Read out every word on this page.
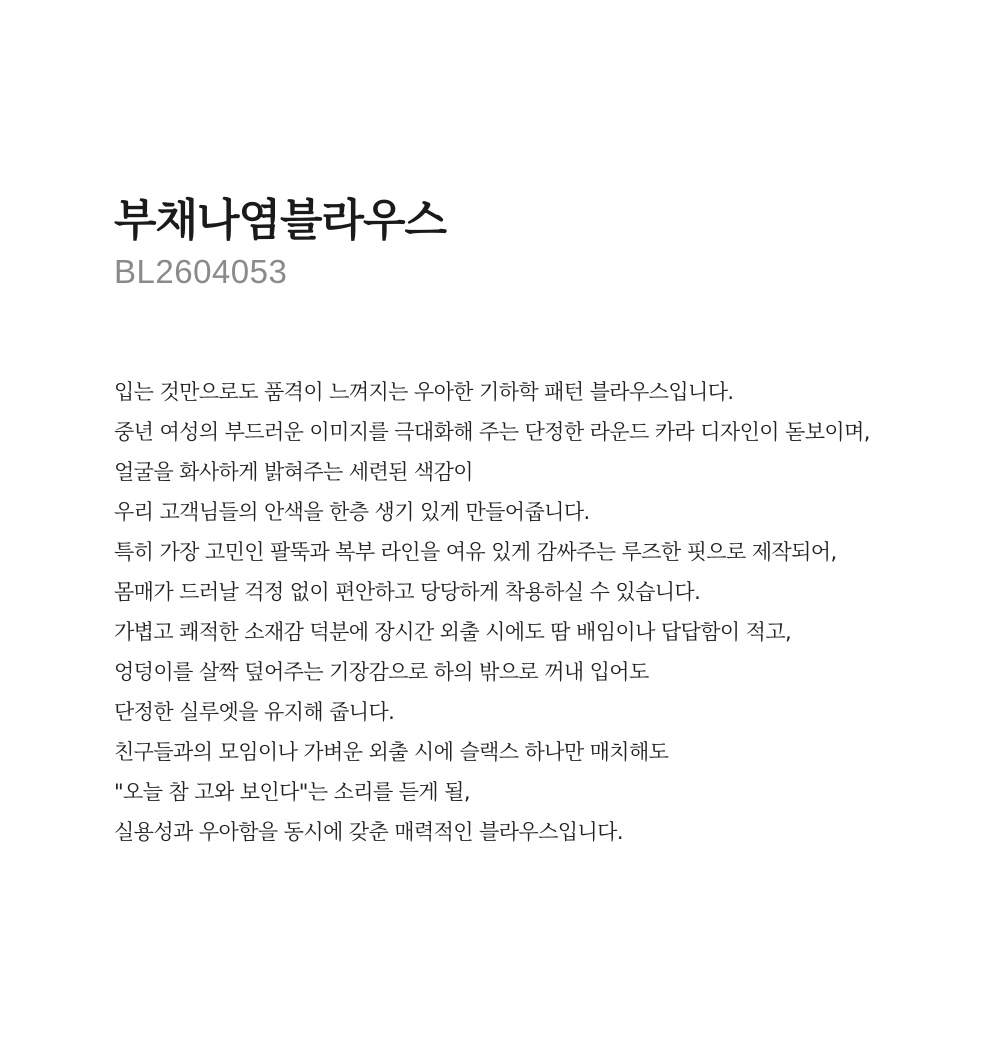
부채나염블라우스

BL2604053

입는 것만으로도 품격이 느껴지는 우아한 기하학 패턴 블라우스입니다.

중년 여성의 부드러운 이미지를 극대화해 주는 단정한 라운드 카라 디자인이 돋보이며,

얼굴을 화사하게 밝혀주는 세련된 색감이

우리 고객님들의 안색을 한층 생기 있게 만들어줍니다.

특히 가장 고민인 팔뚝과 복부 라인을 여유 있게 감싸주는 루즈한 핏으로 제작되어,

몸매가 드러날 걱정 없이 편안하고 당당하게 착용하실 수 있습니다.

가볍고 쾌적한 소재감 덕분에 장시간 외출 시에도 땀 배임이나 답답함이 적고,

엉덩이를 살짝 덮어주는 기장감으로 하의 밖으로 꺼내 입어도

단정한 실루엣을 유지해 줍니다.

친구들과의 모임이나 가벼운 외출 시에 슬랙스 하나만 매치해도

"오늘 참 고와 보인다"는 소리를 듣게 될,

실용성과 우아함을 동시에 갖춘 매력적인 블라우스입니다.
